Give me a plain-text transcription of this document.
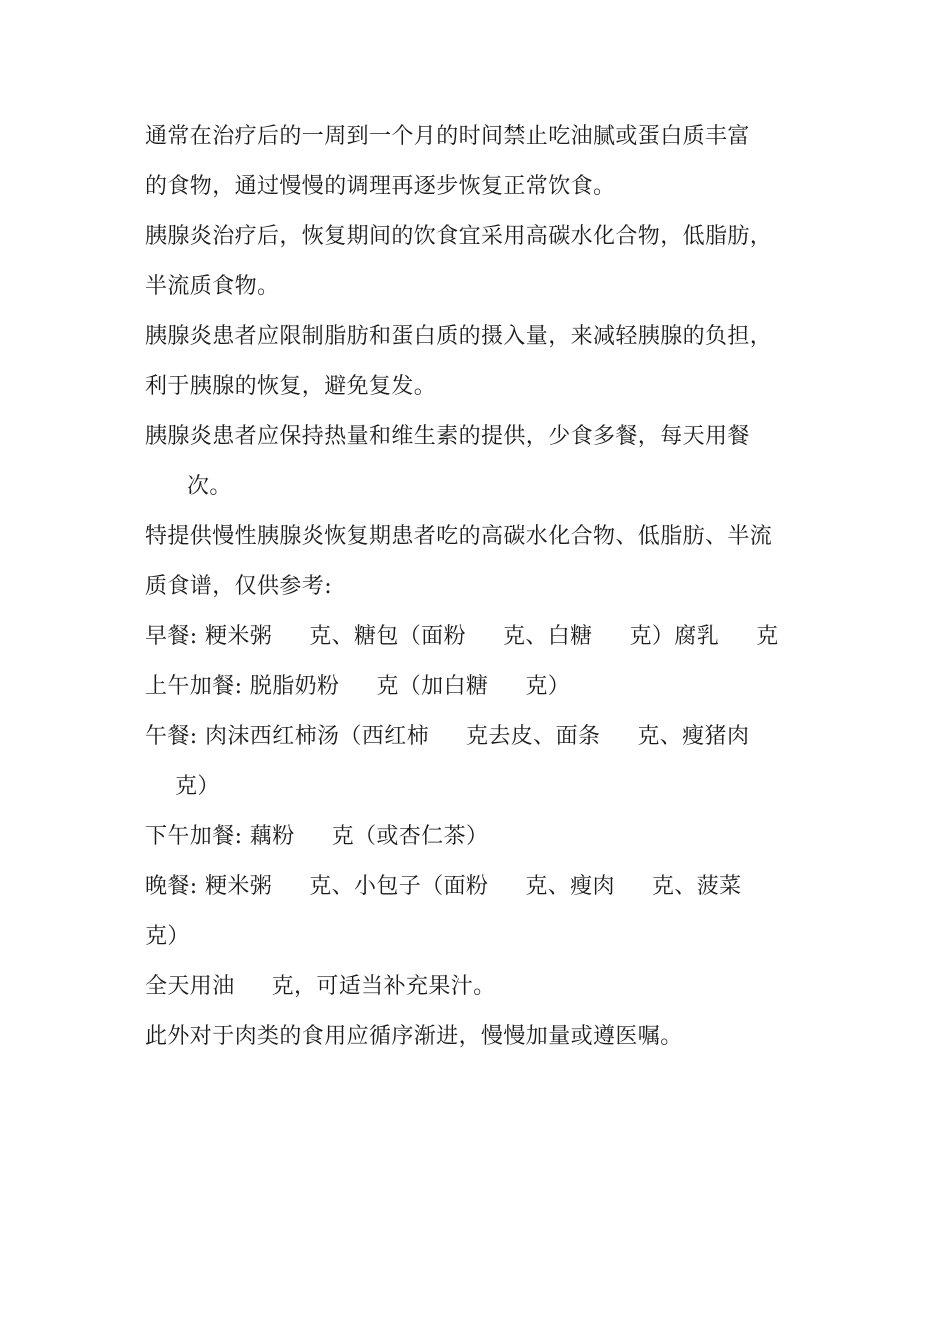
通常在治疗后的一周到一个月的时间禁止吃油腻或蛋白质丰富
的食物，通过慢慢的调理再逐步恢复正常饮食。
胰腺炎治疗后，恢复期间的饮食宜采用高碳水化合物，低脂肪，
半流质食物。
胰腺炎患者应限制脂肪和蛋白质的摄入量，来减轻胰腺的负担，
利于胰腺的恢复，避免复发。
胰腺炎患者应保持热量和维生素的提供，少食多餐，每天用餐
次。
特提供慢性胰腺炎恢复期患者吃的高碳水化合物、低脂肪、半流
质食谱，仅供参考:
早餐: 粳米粥     克、糖包（面粉     克、白糖     克）腐乳     克
上午加餐: 脱脂奶粉     克（加白糖     克）
午餐: 肉沫西红柿汤（西红柿     克去皮、面条     克、瘦猪肉
克）
下午加餐: 藕粉     克（或杏仁茶）
晚餐: 粳米粥     克、小包子（面粉     克、瘦肉     克、菠菜
克）
全天用油     克，可适当补充果汁。
此外对于肉类的食用应循序渐进，慢慢加量或遵医嘱。
